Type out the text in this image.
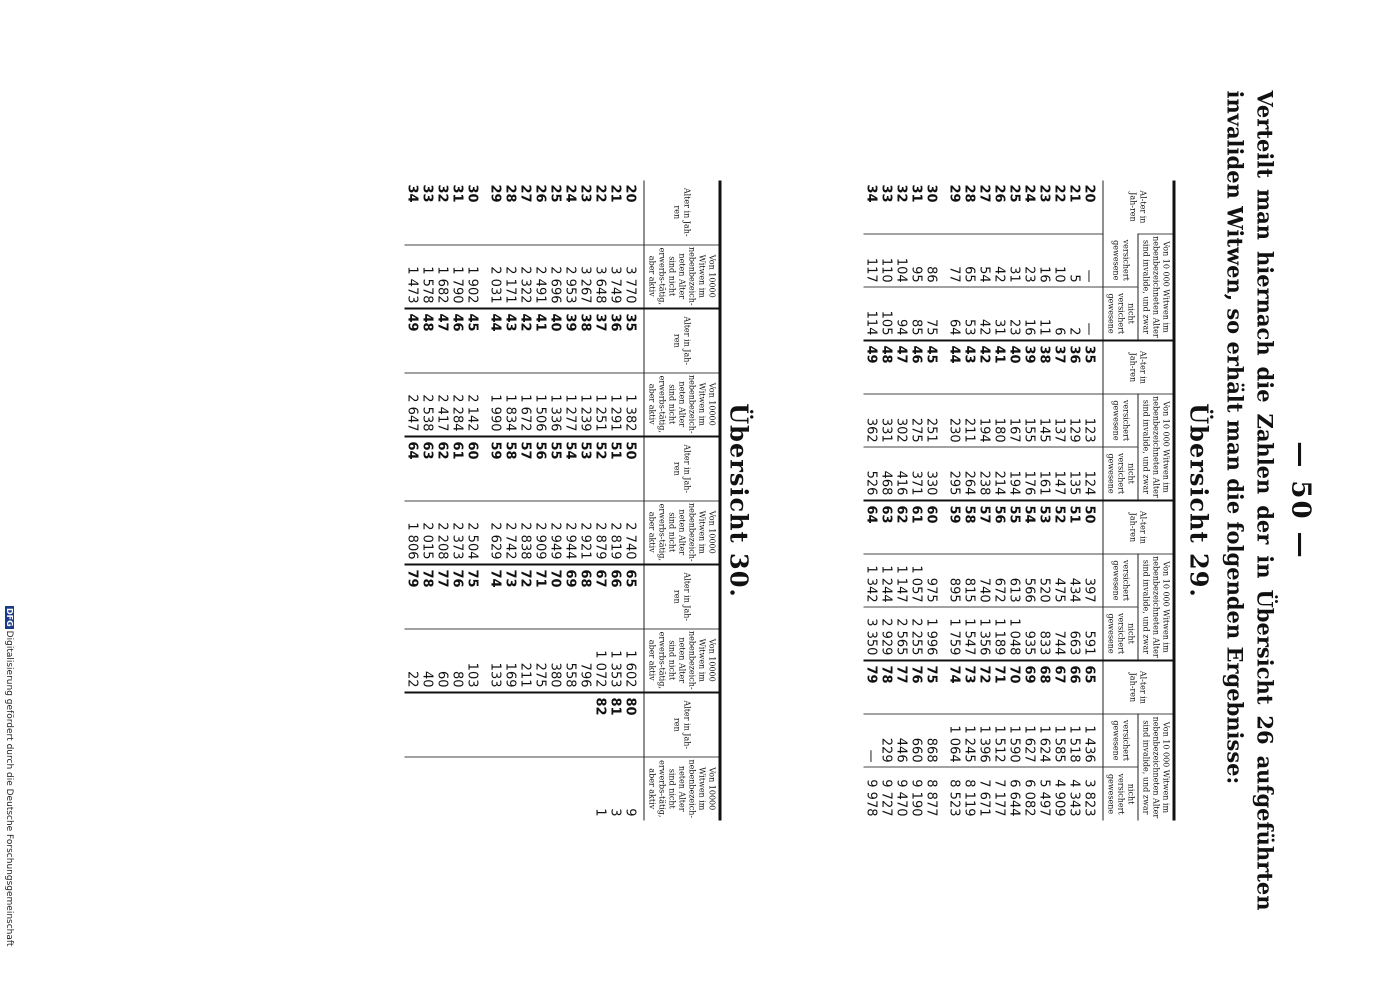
— 50 —
Verteilt man hiernach die Zahlen der in Übersicht 26 aufgeführten invaliden Witwen, so erhält man die folgenden Ergebnisse:
Übersicht 29.
Al-ter in Jah-ren	Von 10 000 Witwen im nebenbezeichneten Alter sind invalide, und zwar		Al-ter in Jah-ren	Von 10 000 Witwen im nebenbezeichneten Alter sind invalide, und zwar		Al-ter in Jah-ren	Von 10 000 Witwen im nebenbezeichneten Alter sind invalide, und zwar		Al-ter in Jah-ren	Von 10 000 Witwen im nebenbezeichneten Alter sind invalide, und zwar	
	versichert gewesene	nicht versichert gewesene		versichert gewesene	nicht versichert gewesene		versichert gewesene	nicht versichert gewesene		versichert gewesene	nicht versichert gewesene
20	—	—	35	123	124	50	397	591	65	1 436	3 823
21	5	2	36	129	135	51	434	663	66	1 518	4 343
22	10	6	37	137	147	52	475	744	67	1 585	4 909
23	16	11	38	145	161	53	520	833	68	1 624	5 497
24	23	16	39	155	176	54	566	935	69	1 627	6 082
25	31	23	40	167	194	55	613	1 048	70	1 590	6 644
26	42	31	41	180	214	56	672	1 189	71	1 512	7 177
27	54	42	42	194	238	57	740	1 356	72	1 396	7 671
28	65	53	43	211	264	58	815	1 547	73	1 245	8 119
29	77	64	44	230	295	59	895	1 759	74	1 064	8 523
30	86	75	45	251	330	60	975	1 996	75	868	8 877
31	95	85	46	275	371	61	1 057	2 255	76	660	9 190
32	104	94	47	302	416	62	1 147	2 565	77	446	9 470
33	110	105	48	331	468	63	1 244	2 929	78	229	9 727
34	117	114	49	362	526	64	1 342	3 350	79	—	9 978
Übersicht 30.
Alter in Jah-ren	Von 10000 Witwen im nebenbezeich-neten Alter sind nicht erwerbs-tätig, aber aktiv	Alter in Jah-ren	Von 10000 Witwen im nebenbezeich-neten Alter sind nicht erwerbs-tätig, aber aktiv	Alter in Jah-ren	Von 10000 Witwen im nebenbezeich-neten Alter sind nicht erwerbs-tätig, aber aktiv	Alter in Jah-ren	Von 10000 Witwen im nebenbezeich-neten Alter sind nicht erwerbs-tätig, aber aktiv	Alter in Jah-ren	Von 10000 Witwen im nebenbezeich-neten Alter sind nicht erwerbs-tätig, aber aktiv
20	3 770	35	1 382	50	2 740	65	1 602	80	9
21	3 749	36	1 291	51	2 819	66	1 353	81	3
22	3 648	37	1 251	52	2 879	67	1 072	82	1
23	3 267	38	1 239	53	2 921	68	796		
24	2 953	39	1 277	54	2 944	69	558		
25	2 696	40	1 336	55	2 949	70	380		
26	2 491	41	1 506	56	2 909	71	275		
27	2 322	42	1 672	57	2 838	72	211		
28	2 171	43	1 834	58	2 742	73	169		
29	2 031	44	1 990	59	2 629	74	133		
30	1 902	45	2 142	60	2 504	75	103		
31	1 790	46	2 284	61	2 373	76	80		
32	1 682	47	2 417	62	2 208	77	60		
33	1 578	48	2 538	63	2 015	78	40		
34	1 473	49	2 647	64	1 806	79	22		
DFGDigitalisierung gefördert durch die Deutsche Forschungsgemeinschaft
